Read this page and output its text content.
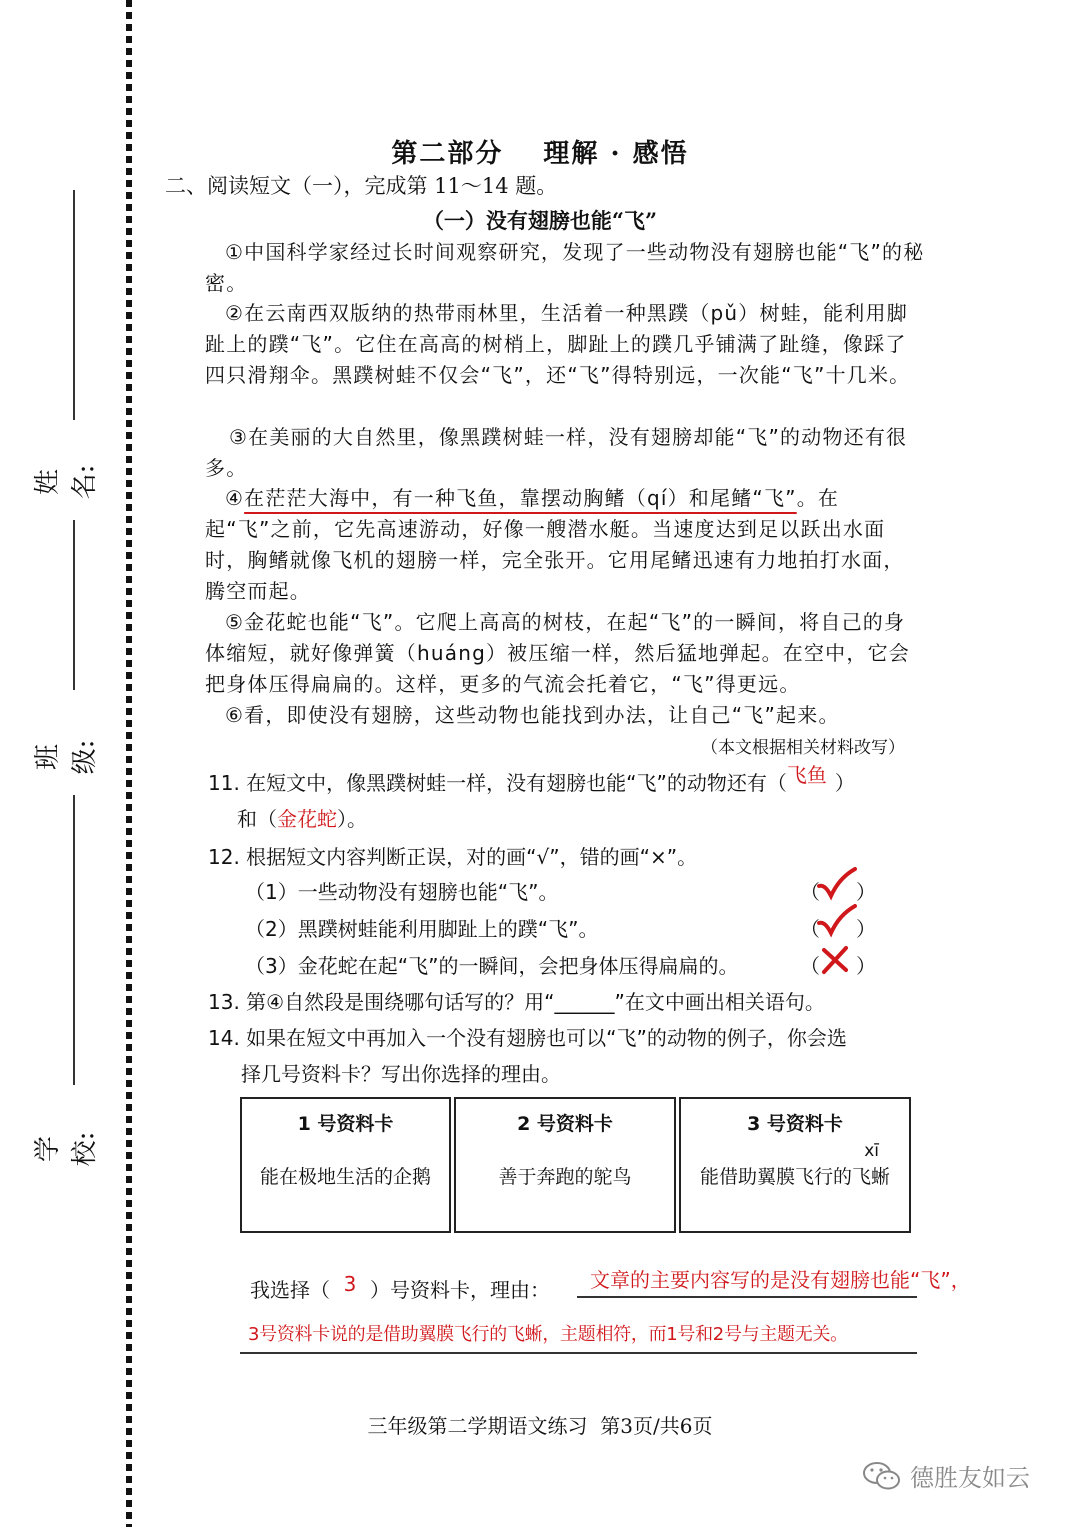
姓名:
班级:
学校:
第二部分 理解 · 感悟
二、阅读短文（一），完成第 11～14 题。
（一）没有翅膀也能“飞”
①中国科学家经过长时间观察研究，发现了一些动物没有翅膀也能“飞”的秘密。
②在云南西双版纳的热带雨林里，生活着一种黑蹼（pǔ）树蛙，能利用脚趾上的蹼“飞”。它住在高高的树梢上，脚趾上的蹼几乎铺满了趾缝，像踩了四只滑翔伞。黑蹼树蛙不仅会“飞”，还“飞”得特别远，一次能“飞”十几米。
③在美丽的大自然里，像黑蹼树蛙一样，没有翅膀却能“飞”的动物还有很多。
④在茫茫大海中，有一种飞鱼，靠摆动胸鳍（qí）和尾鳍“飞”。在起“飞”之前，它先高速游动，好像一艘潜水艇。当速度达到足以跃出水面时，胸鳍就像飞机的翅膀一样，完全张开。它用尾鳍迅速有力地拍打水面，腾空而起。
⑤金花蛇也能“飞”。它爬上高高的树枝，在起“飞”的一瞬间，将自己的身体缩短，就好像弹簧（huáng）被压缩一样，然后猛地弹起。在空中，它会把身体压得扁扁的。这样，更多的气流会托着它，“飞”得更远。
⑥看，即使没有翅膀，这些动物也能找到办法，让自己“飞”起来。
（本文根据相关材料改写）
11. 在短文中，像黑蹼树蛙一样，没有翅膀也能“飞”的动物还有（飞鱼 ）
和（金花蛇）。
12. 根据短文内容判断正误，对的画“√”，错的画“×”。
（1）一些动物没有翅膀也能“飞”。	（ ）
（2）黑蹼树蛙能利用脚趾上的蹼“飞”。	（ ）
（3）金花蛇在起“飞”的一瞬间，会把身体压得扁扁的。	（ ）
13. 第④自然段是围绕哪句话写的？用“______”在文中画出相关语句。
14. 如果在短文中再加入一个没有翅膀也可以“飞”的动物的例子，你会选
择几号资料卡？写出你选择的理由。
1 号资料卡
能在极地生活的企鹅
2 号资料卡
善于奔跑的鸵鸟
3 号资料卡
xī
能借助翼膜飞行的飞蜥
我选择（ 3 ）号资料卡，理由： 文章的主要内容写的是没有翅膀也能“飞”，
3号资料卡说的是借助翼膜飞行的飞蜥，主题相符，而1号和2号与主题无关。
三年级第二学期语文练习  第3页/共6页
德胜友如云
